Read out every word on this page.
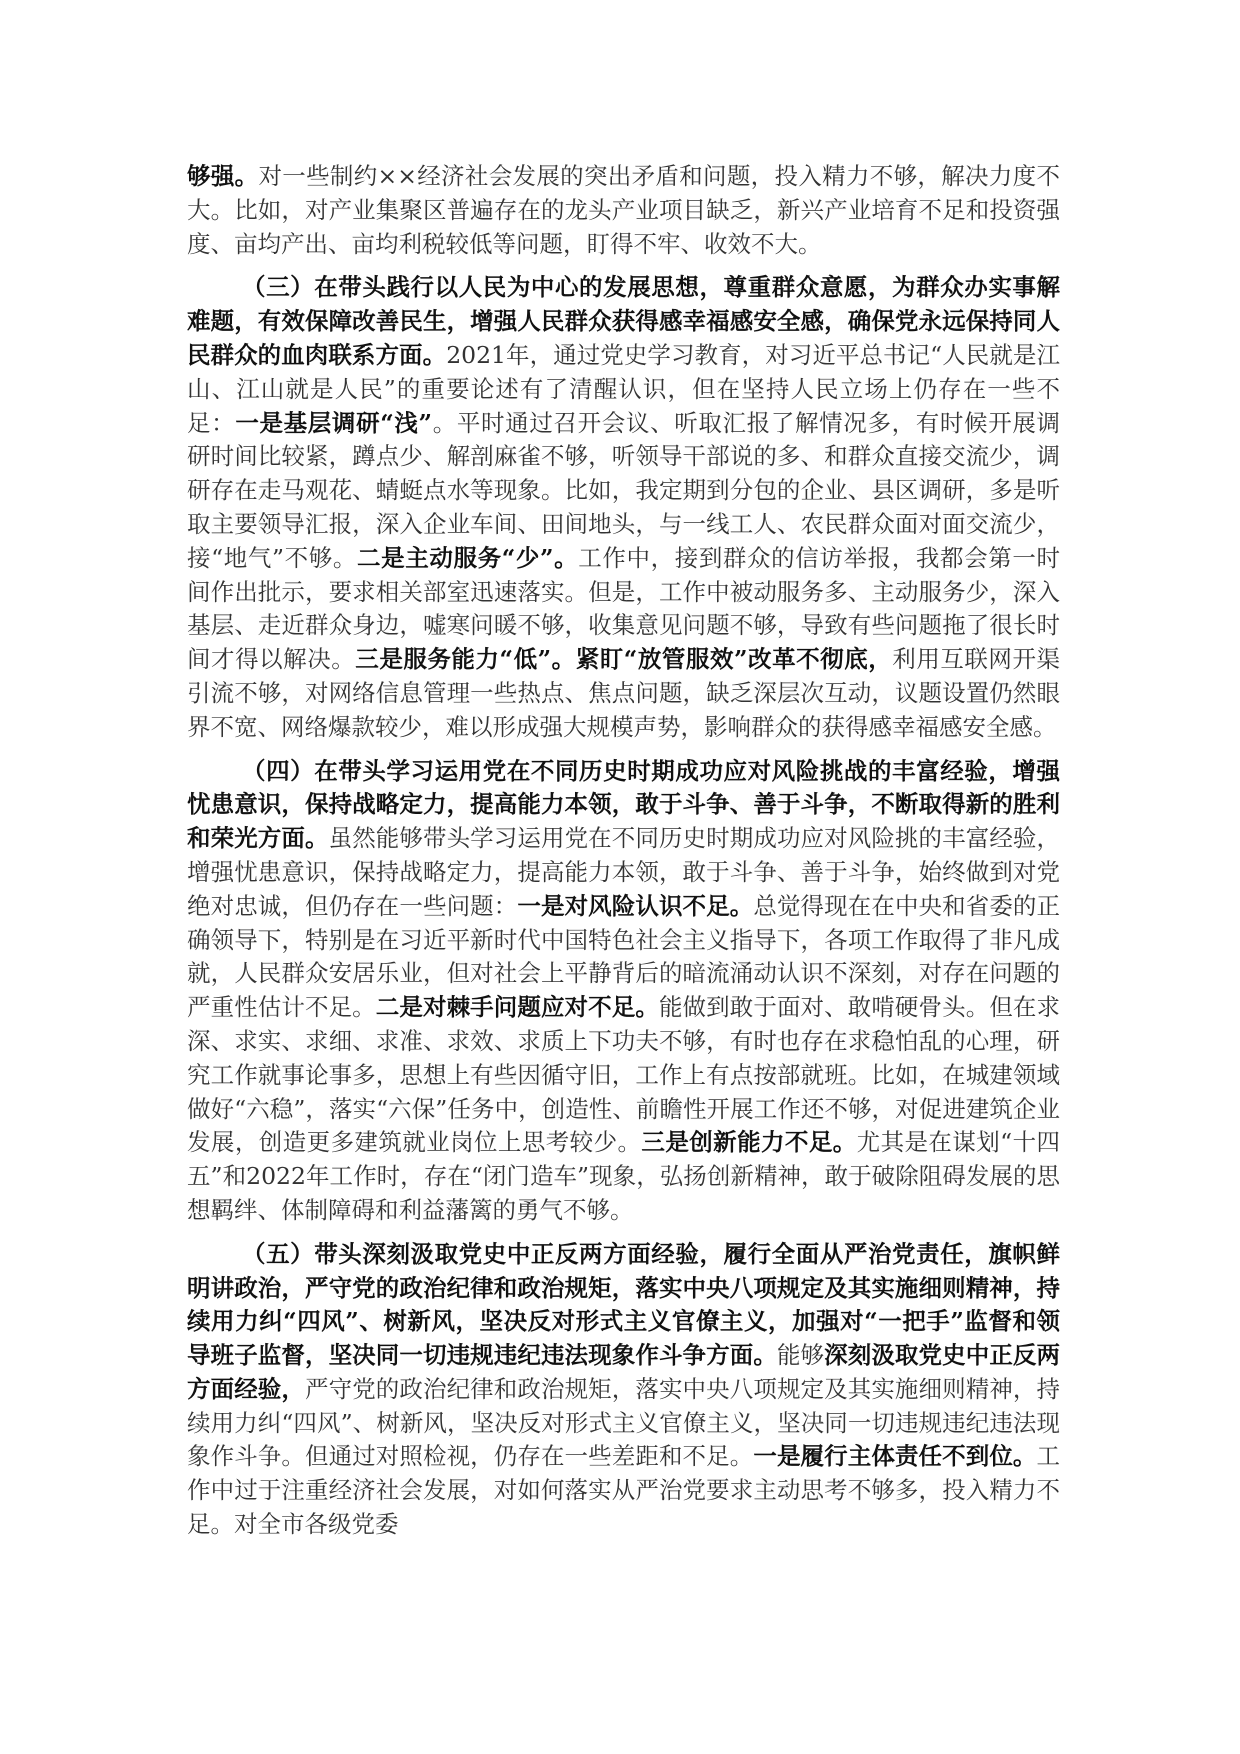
够强。对一些制约××经济社会发展的突出矛盾和问题，投入精力不够，解决力度不大。比如，对产业集聚区普遍存在的龙头产业项目缺乏，新兴产业培育不足和投资强度、亩均产出、亩均利税较低等问题，盯得不牢、收效不大。

（三）在带头践行以人民为中心的发展思想，尊重群众意愿，为群众办实事解难题，有效保障改善民生，增强人民群众获得感幸福感安全感，确保党永远保持同人民群众的血肉联系方面。2021年，通过党史学习教育，对习近平总书记“人民就是江山、江山就是人民”的重要论述有了清醒认识，但在坚持人民立场上仍存在一些不足：一是基层调研“浅”。平时通过召开会议、听取汇报了解情况多，有时候开展调研时间比较紧，蹲点少、解剖麻雀不够，听领导干部说的多、和群众直接交流少，调研存在走马观花、蜻蜓点水等现象。比如，我定期到分包的企业、县区调研，多是听取主要领导汇报，深入企业车间、田间地头，与一线工人、农民群众面对面交流少，接“地气”不够。二是主动服务“少”。工作中，接到群众的信访举报，我都会第一时间作出批示，要求相关部室迅速落实。但是，工作中被动服务多、主动服务少，深入基层、走近群众身边，嘘寒问暖不够，收集意见问题不够，导致有些问题拖了很长时间才得以解决。三是服务能力“低”。紧盯“放管服效”改革不彻底，利用互联网开渠引流不够，对网络信息管理一些热点、焦点问题，缺乏深层次互动，议题设置仍然眼界不宽、网络爆款较少，难以形成强大规模声势，影响群众的获得感幸福感安全感。

（四）在带头学习运用党在不同历史时期成功应对风险挑战的丰富经验，增强忧患意识，保持战略定力，提高能力本领，敢于斗争、善于斗争，不断取得新的胜利和荣光方面。虽然能够带头学习运用党在不同历史时期成功应对风险挑的丰富经验，增强忧患意识，保持战略定力，提高能力本领，敢于斗争、善于斗争，始终做到对党绝对忠诚，但仍存在一些问题：一是对风险认识不足。总觉得现在在中央和省委的正确领导下，特别是在习近平新时代中国特色社会主义指导下，各项工作取得了非凡成就，人民群众安居乐业，但对社会上平静背后的暗流涌动认识不深刻，对存在问题的严重性估计不足。二是对棘手问题应对不足。能做到敢于面对、敢啃硬骨头。但在求深、求实、求细、求准、求效、求质上下功夫不够，有时也存在求稳怕乱的心理，研究工作就事论事多，思想上有些因循守旧，工作上有点按部就班。比如，在城建领域做好“六稳”，落实“六保”任务中，创造性、前瞻性开展工作还不够，对促进建筑企业发展，创造更多建筑就业岗位上思考较少。三是创新能力不足。尤其是在谋划“十四五”和2022年工作时，存在“闭门造车”现象，弘扬创新精神，敢于破除阻碍发展的思想羁绊、体制障碍和利益藩篱的勇气不够。

（五）带头深刻汲取党史中正反两方面经验，履行全面从严治党责任，旗帜鲜明讲政治，严守党的政治纪律和政治规矩，落实中央八项规定及其实施细则精神，持续用力纠“四风”、树新风，坚决反对形式主义官僚主义，加强对“一把手”监督和领导班子监督，坚决同一切违规违纪违法现象作斗争方面。能够深刻汲取党史中正反两方面经验，严守党的政治纪律和政治规矩，落实中央八项规定及其实施细则精神，持续用力纠“四风”、树新风，坚决反对形式主义官僚主义，坚决同一切违规违纪违法现象作斗争。但通过对照检视，仍存在一些差距和不足。一是履行主体责任不到位。工作中过于注重经济社会发展，对如何落实从严治党要求主动思考不够多，投入精力不足。对全市各级党委
